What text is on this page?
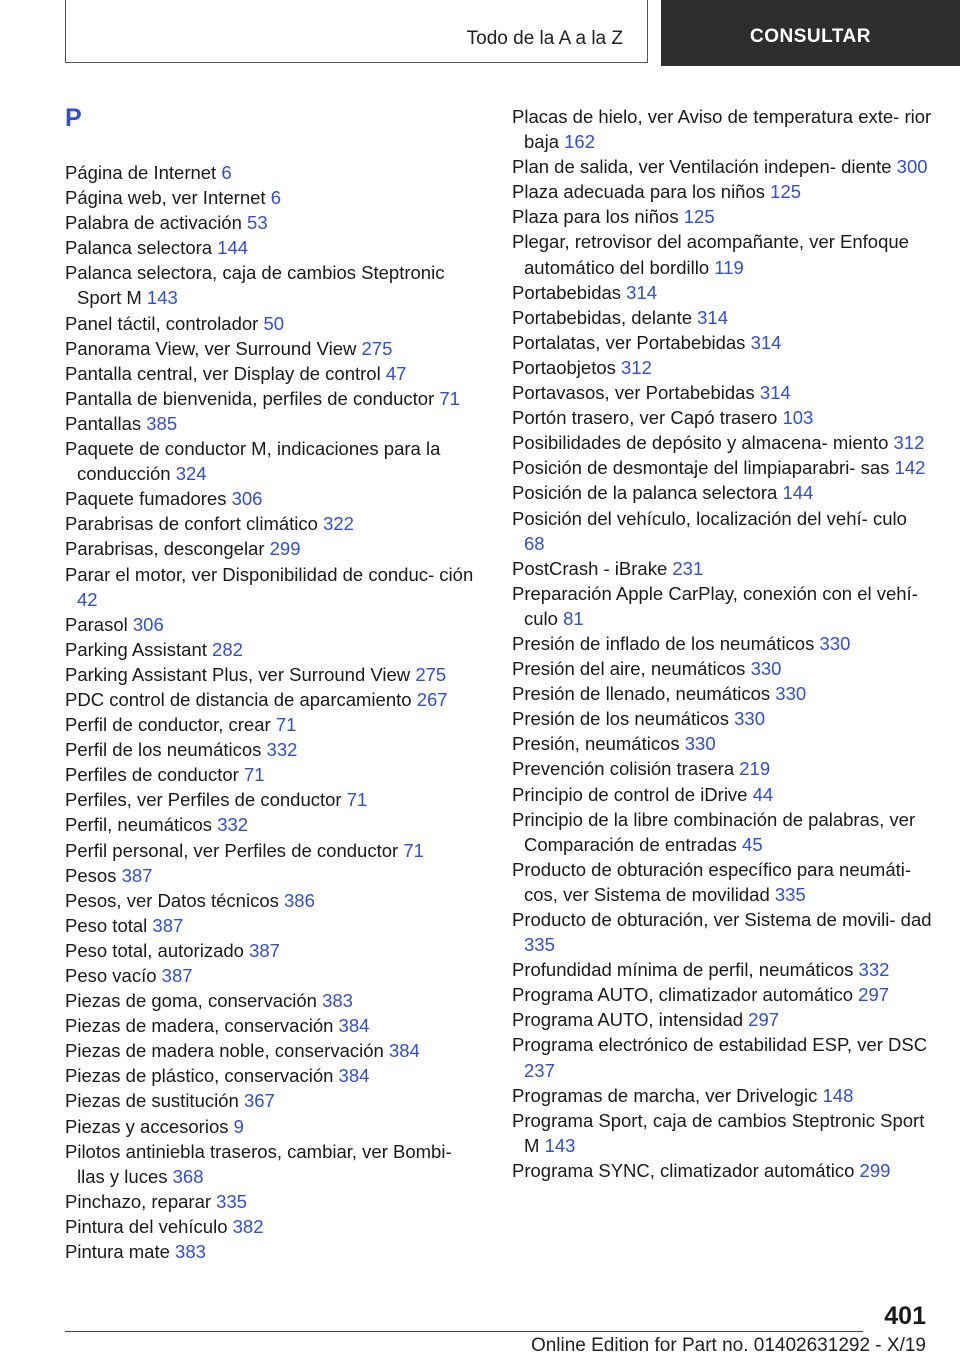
Todo de la A a la Z	CONSULTAR
P
Página de Internet 6
Página web, ver Internet 6
Palabra de activación 53
Palanca selectora 144
Palanca selectora, caja de cambios Steptronic Sport M 143
Panel táctil, controlador 50
Panorama View, ver Surround View 275
Pantalla central, ver Display de control 47
Pantalla de bienvenida, perfiles de conductor 71
Pantallas 385
Paquete de conductor M, indicaciones para la conducción 324
Paquete fumadores 306
Parabrisas de confort climático 322
Parabrisas, descongelar 299
Parar el motor, ver Disponibilidad de conduc‐ ción 42
Parasol 306
Parking Assistant 282
Parking Assistant Plus, ver Surround View 275
PDC control de distancia de aparcamiento 267
Perfil de conductor, crear 71
Perfil de los neumáticos 332
Perfiles de conductor 71
Perfiles, ver Perfiles de conductor 71
Perfil, neumáticos 332
Perfil personal, ver Perfiles de conductor 71
Pesos 387
Pesos, ver Datos técnicos 386
Peso total 387
Peso total, autorizado 387
Peso vacío 387
Piezas de goma, conservación 383
Piezas de madera, conservación 384
Piezas de madera noble, conservación 384
Piezas de plástico, conservación 384
Piezas de sustitución 367
Piezas y accesorios 9
Pilotos antiniebla traseros, cambiar, ver Bombi‐ llas y luces 368
Pinchazo, reparar 335
Pintura del vehículo 382
Pintura mate 383
Placas de hielo, ver Aviso de temperatura exte‐ rior baja 162
Plan de salida, ver Ventilación indepen‐ diente 300
Plaza adecuada para los niños 125
Plaza para los niños 125
Plegar, retrovisor del acompañante, ver Enfoque automático del bordillo 119
Portabebidas 314
Portabebidas, delante 314
Portalatas, ver Portabebidas 314
Portaobjetos 312
Portavasos, ver Portabebidas 314
Portón trasero, ver Capó trasero 103
Posibilidades de depósito y almacena‐ miento 312
Posición de desmontaje del limpiaparabri‐ sas 142
Posición de la palanca selectora 144
Posición del vehículo, localización del vehí‐ culo 68
PostCrash - iBrake 231
Preparación Apple CarPlay, conexión con el vehí‐ culo 81
Presión de inflado de los neumáticos 330
Presión del aire, neumáticos 330
Presión de llenado, neumáticos 330
Presión de los neumáticos 330
Presión, neumáticos 330
Prevención colisión trasera 219
Principio de control de iDrive 44
Principio de la libre combinación de palabras, ver Comparación de entradas 45
Producto de obturación específico para neumáti‐ cos, ver Sistema de movilidad 335
Producto de obturación, ver Sistema de movili‐ dad 335
Profundidad mínima de perfil, neumáticos 332
Programa AUTO, climatizador automático 297
Programa AUTO, intensidad 297
Programa electrónico de estabilidad ESP, ver DSC 237
Programas de marcha, ver Drivelogic 148
Programa Sport, caja de cambios Steptronic Sport M 143
Programa SYNC, climatizador automático 299
401
Online Edition for Part no. 01402631292 - X/19
